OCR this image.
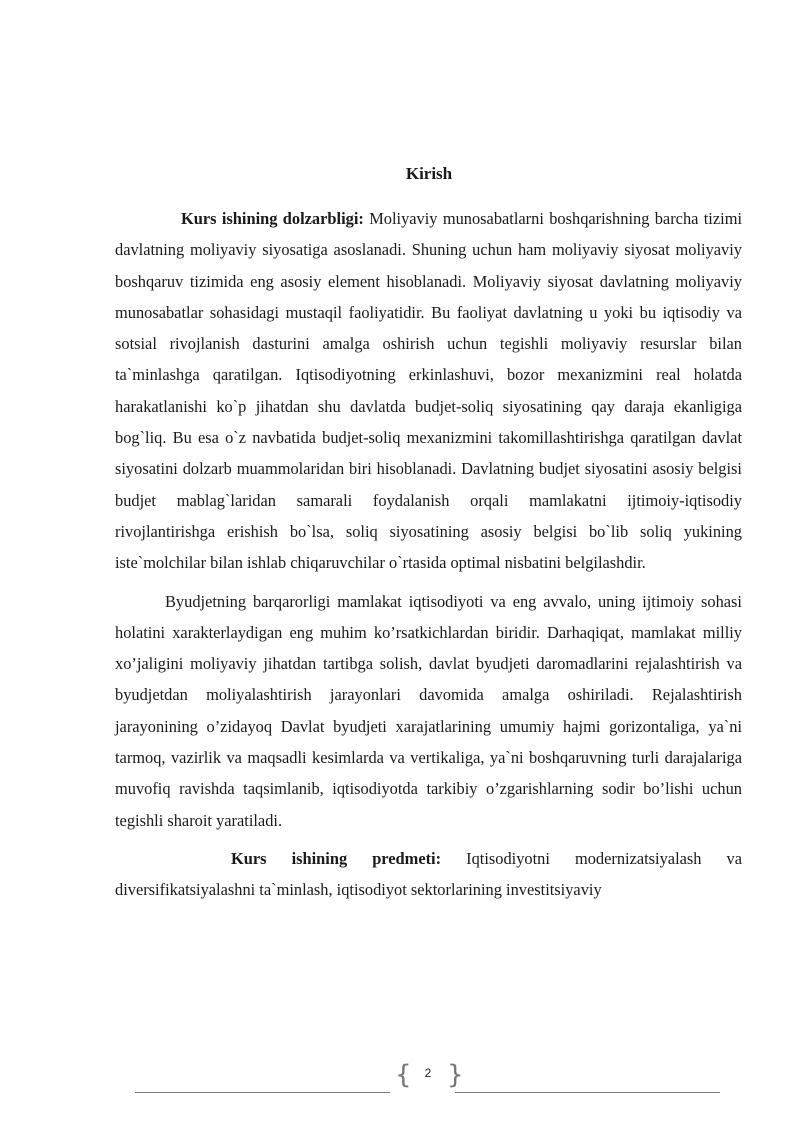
Kirish

Kurs ishining dolzarbligi: Moliyaviy munosabatlarni boshqarishning barcha tizimi davlatning moliyaviy siyosatiga asoslanadi. Shuning uchun ham moliyaviy siyosat moliyaviy boshqaruv tizimida eng asosiy element hisoblanadi. Moliyaviy siyosat davlatning moliyaviy munosabatlar sohasidagi mustaqil faoliyatidir. Bu faoliyat davlatning u yoki bu iqtisodiy va sotsial rivojlanish dasturini amalga oshirish uchun tegishli moliyaviy resurslar bilan ta`minlashga qaratilgan. Iqtisodiyotning erkinlashuvi, bozor mexanizmini real holatda harakatlanishi ko`p jihatdan shu davlatda budjet-soliq siyosatining qay daraja ekanligiga bog`liq. Bu esa o`z navbatida budjet-soliq mexanizmini takomillashtirishga qaratilgan davlat siyosatini dolzarb muammolaridan biri hisoblanadi. Davlatning budjet siyosatini asosiy belgisi budjet mablag`laridan samarali foydalanish orqali mamlakatni ijtimoiy-iqtisodiy rivojlantirishga erishish bo`lsa, soliq siyosatining asosiy belgisi bo`lib soliq yukining iste`molchilar bilan ishlab chiqaruvchilar o`rtasida optimal nisbatini belgilashdir.

Byudjetning barqarorligi mamlakat iqtisodiyoti va eng avvalo, uning ijtimoiy sohasi holatini xarakterlaydigan eng muhim ko’rsatkichlardan biridir. Darhaqiqat, mamlakat milliy xo’jaligini moliyaviy jihatdan tartibga solish, davlat byudjeti daromadlarini rejalashtirish va byudjetdan moliyalashtirish jarayonlari davomida amalga oshiriladi. Rejalashtirish jarayonining o’zidayoq Davlat byudjeti xarajatlarining umumiy hajmi gorizontaliga, ya`ni tarmoq, vazirlik va maqsadli kesimlarda va vertikaliga, ya`ni boshqaruvning turli darajalariga muvofiq ravishda taqsimlanib, iqtisodiyotda tarkibiy o’zgarishlarning sodir bo’lishi uchun tegishli sharoit yaratiladi.

Kurs ishining predmeti: Iqtisodiyotni modernizatsiyalash va diversifikatsiyalashni ta`minlash, iqtisodiyot sektorlarining investitsiyaviy

{	2 }
